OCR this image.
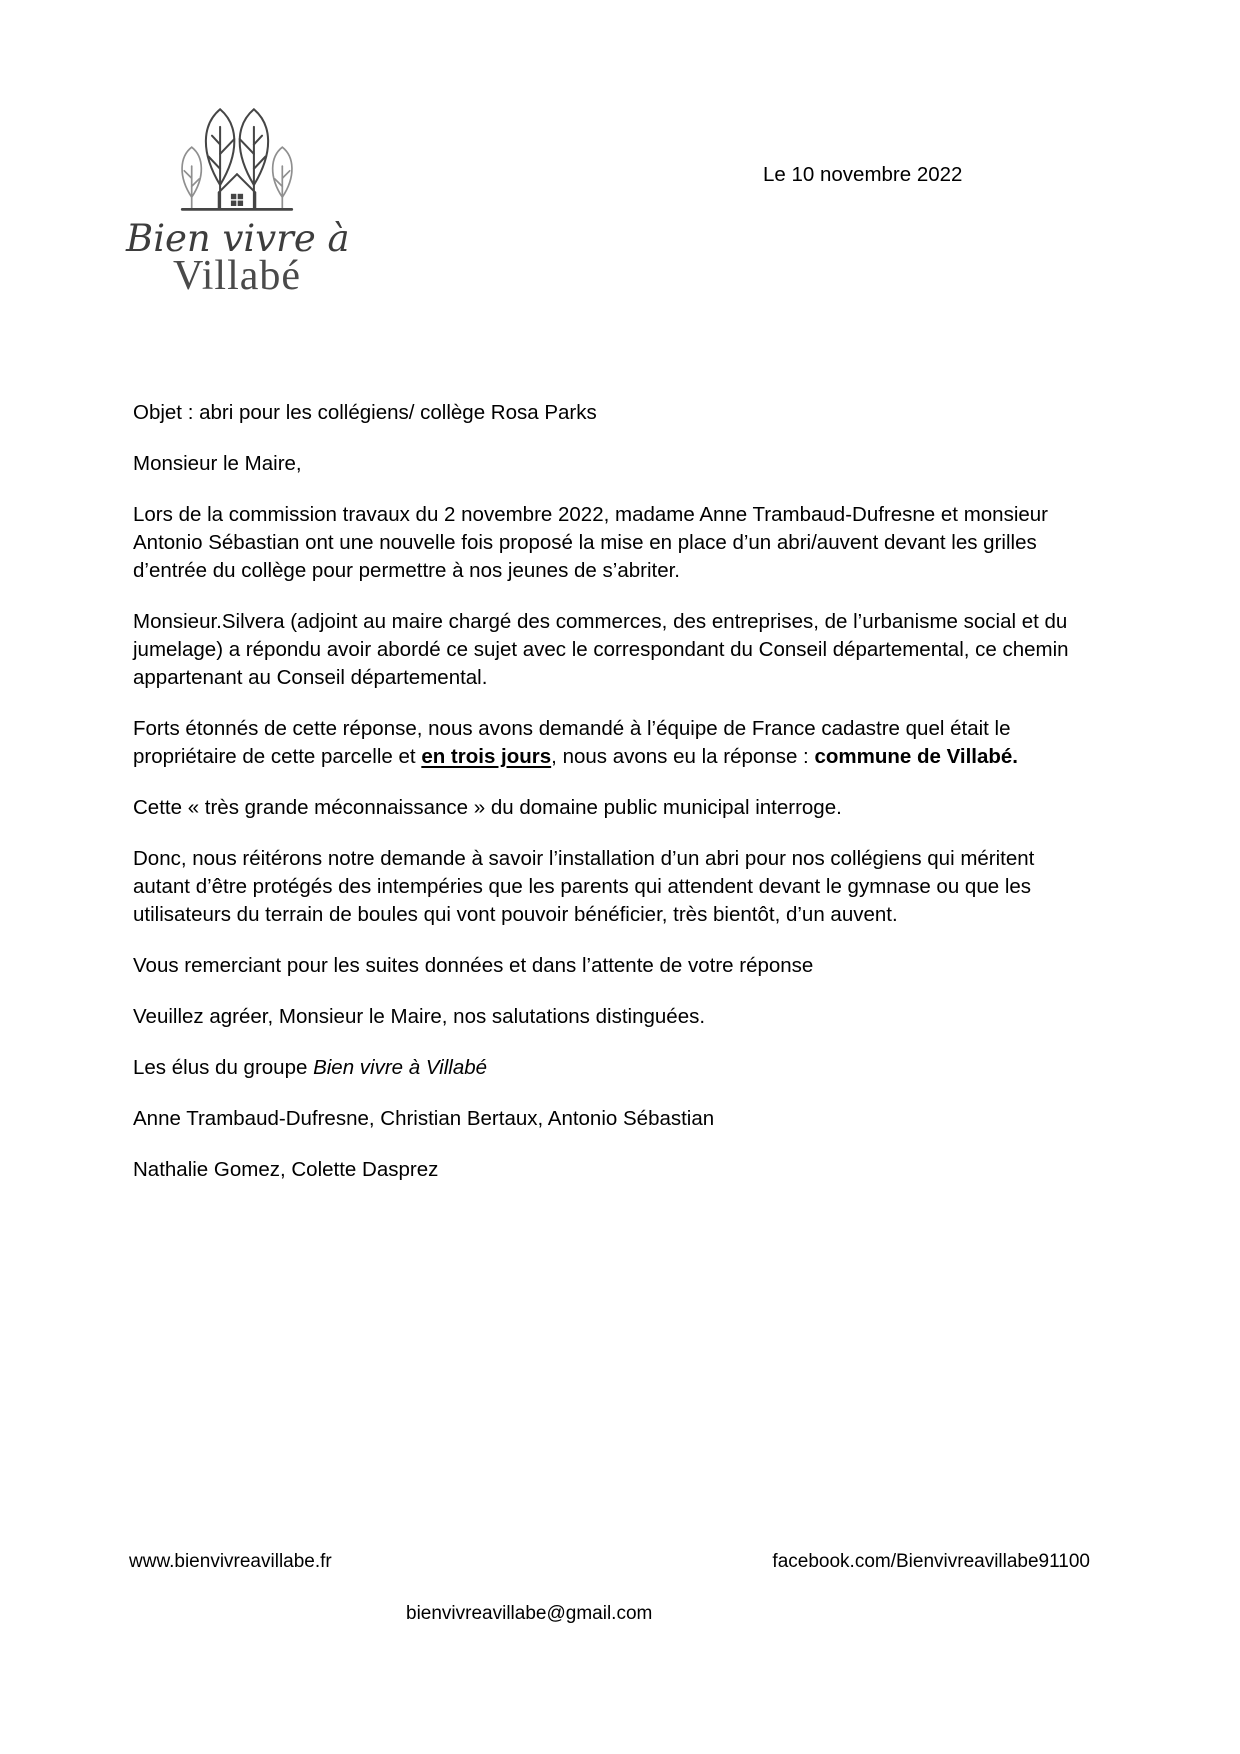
Bien vivre à
Villabé
Le 10 novembre 2022

Objet : abri pour les collégiens/ collège Rosa Parks

Monsieur le Maire,

Lors de la commission travaux du 2 novembre 2022, madame Anne Trambaud-Dufresne et monsieur Antonio Sébastian ont une nouvelle fois proposé la mise en place d’un abri/auvent devant les grilles d’entrée du collège pour permettre à nos jeunes de s’abriter.

Monsieur.Silvera (adjoint au maire chargé des commerces, des entreprises, de l’urbanisme social et du jumelage) a répondu avoir abordé ce sujet avec le correspondant du Conseil départemental, ce chemin appartenant au Conseil départemental.

Forts étonnés de cette réponse, nous avons demandé à l’équipe de France cadastre quel était le propriétaire de cette parcelle et en trois jours, nous avons eu la réponse : commune de Villabé.

Cette « très grande méconnaissance » du domaine public municipal interroge.

Donc, nous réitérons notre demande à savoir l’installation d’un abri pour nos collégiens qui méritent autant d’être protégés des intempéries que les parents qui attendent devant le gymnase ou que les utilisateurs du terrain de boules qui vont pouvoir bénéficier, très bientôt, d’un auvent.

Vous remerciant pour les suites données et dans l’attente de votre réponse

Veuillez agréer, Monsieur le Maire, nos salutations distinguées.

Les élus du groupe Bien vivre à Villabé

Anne Trambaud-Dufresne, Christian Bertaux, Antonio Sébastian

Nathalie Gomez, Colette Dasprez

www.bienvivreavillabe.fr	facebook.com/Bienvivreavillabe91100
bienvivreavillabe@gmail.com
